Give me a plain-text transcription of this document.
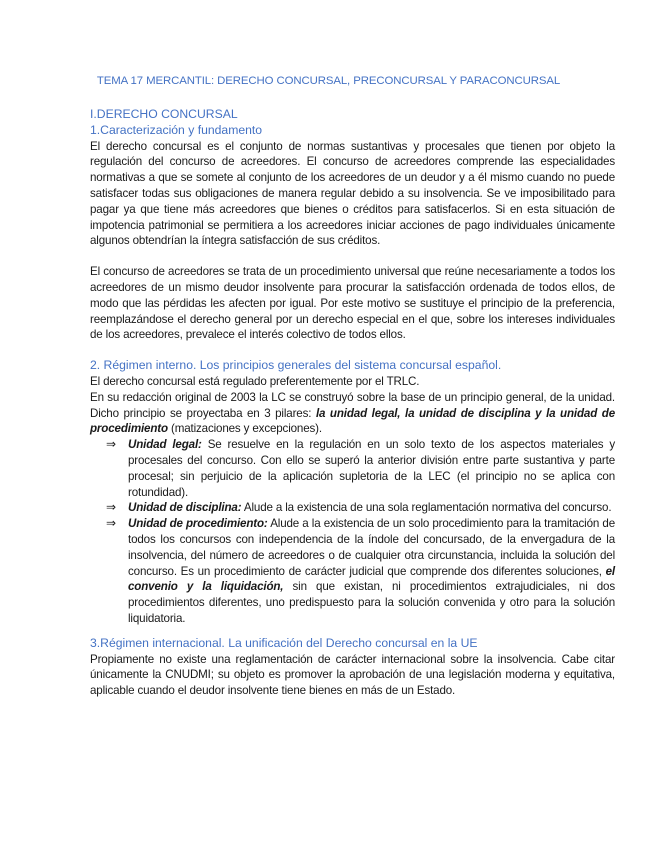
TEMA 17 MERCANTIL: DERECHO CONCURSAL, PRECONCURSAL Y PARACONCURSAL
I.DERECHO CONCURSAL
1.Caracterización y fundamento

El derecho concursal es el conjunto de normas sustantivas y procesales que tienen por objeto la regulación del concurso de acreedores. El concurso de acreedores comprende las especialidades normativas a que se somete al conjunto de los acreedores de un deudor y a él mismo cuando no puede satisfacer todas sus obligaciones de manera regular debido a su insolvencia. Se ve imposibilitado para pagar ya que tiene más acreedores que bienes o créditos para satisfacerlos. Si en esta situación de impotencia patrimonial se permitiera a los acreedores iniciar acciones de pago individuales únicamente algunos obtendrían la íntegra satisfacción de sus créditos.

El concurso de acreedores se trata de un procedimiento universal que reúne necesariamente a todos los acreedores de un mismo deudor insolvente para procurar la satisfacción ordenada de todos ellos, de modo que las pérdidas les afecten por igual. Por este motivo se sustituye el principio de la preferencia, reemplazándose el derecho general por un derecho especial en el que, sobre los intereses individuales de los acreedores, prevalece el interés colectivo de todos ellos.

2. Régimen interno. Los principios generales del sistema concursal español.

El derecho concursal está regulado preferentemente por el TRLC.

En su redacción original de 2003 la LC se construyó sobre la base de un principio general, de la unidad. Dicho principio se proyectaba en 3 pilares: la unidad legal, la unidad de disciplina y la unidad de procedimiento (matizaciones y excepciones).

⇒ Unidad legal: Se resuelve en la regulación en un solo texto de los aspectos materiales y procesales del concurso. Con ello se superó la anterior división entre parte sustantiva y parte procesal; sin perjuicio de la aplicación supletoria de la LEC (el principio no se aplica con rotundidad).
⇒ Unidad de disciplina: Alude a la existencia de una sola reglamentación normativa del concurso.
⇒ Unidad de procedimiento: Alude a la existencia de un solo procedimiento para la tramitación de todos los concursos con independencia de la índole del concursado, de la envergadura de la insolvencia, del número de acreedores o de cualquier otra circunstancia, incluida la solución del concurso. Es un procedimiento de carácter judicial que comprende dos diferentes soluciones, el convenio y la liquidación, sin que existan, ni procedimientos extrajudiciales, ni dos procedimientos diferentes, uno predispuesto para la solución convenida y otro para la solución liquidatoria.
3.Régimen internacional. La unificación del Derecho concursal en la UE

Propiamente no existe una reglamentación de carácter internacional sobre la insolvencia. Cabe citar únicamente la CNUDMI; su objeto es promover la aprobación de una legislación moderna y equitativa, aplicable cuando el deudor insolvente tiene bienes en más de un Estado.
